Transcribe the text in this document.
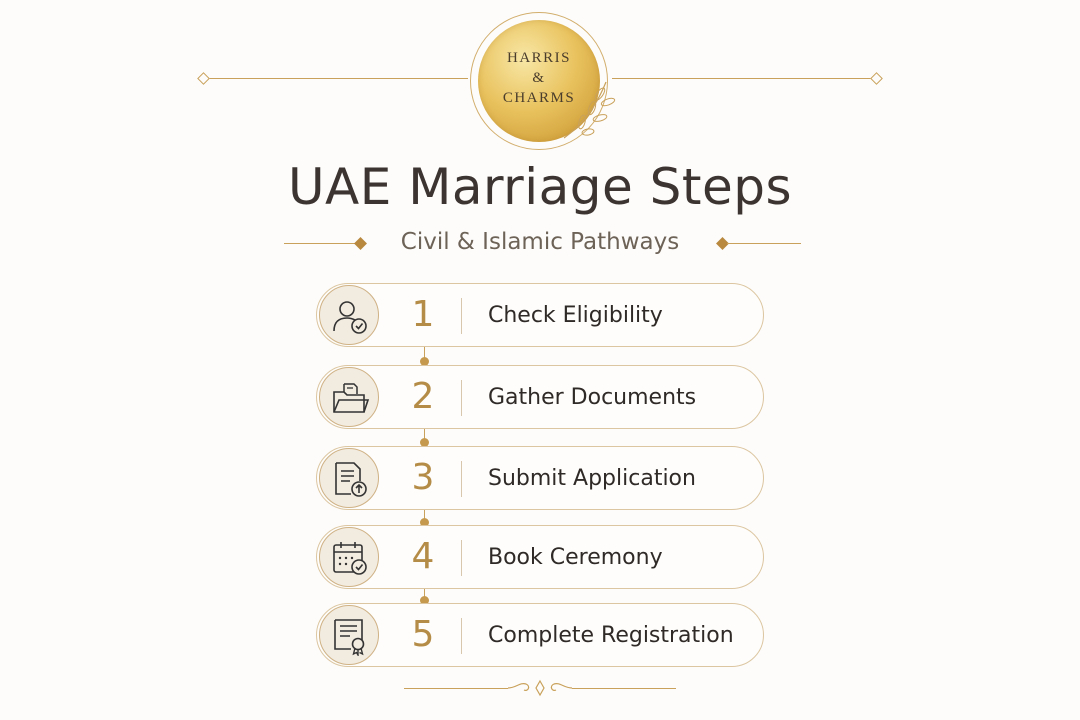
HARRIS
&
CHARMS
UAE Marriage Steps
Civil & Islamic Pathways
1 Check Eligibility
2 Gather Documents
3 Submit Application
4 Book Ceremony
5 Complete Registration
